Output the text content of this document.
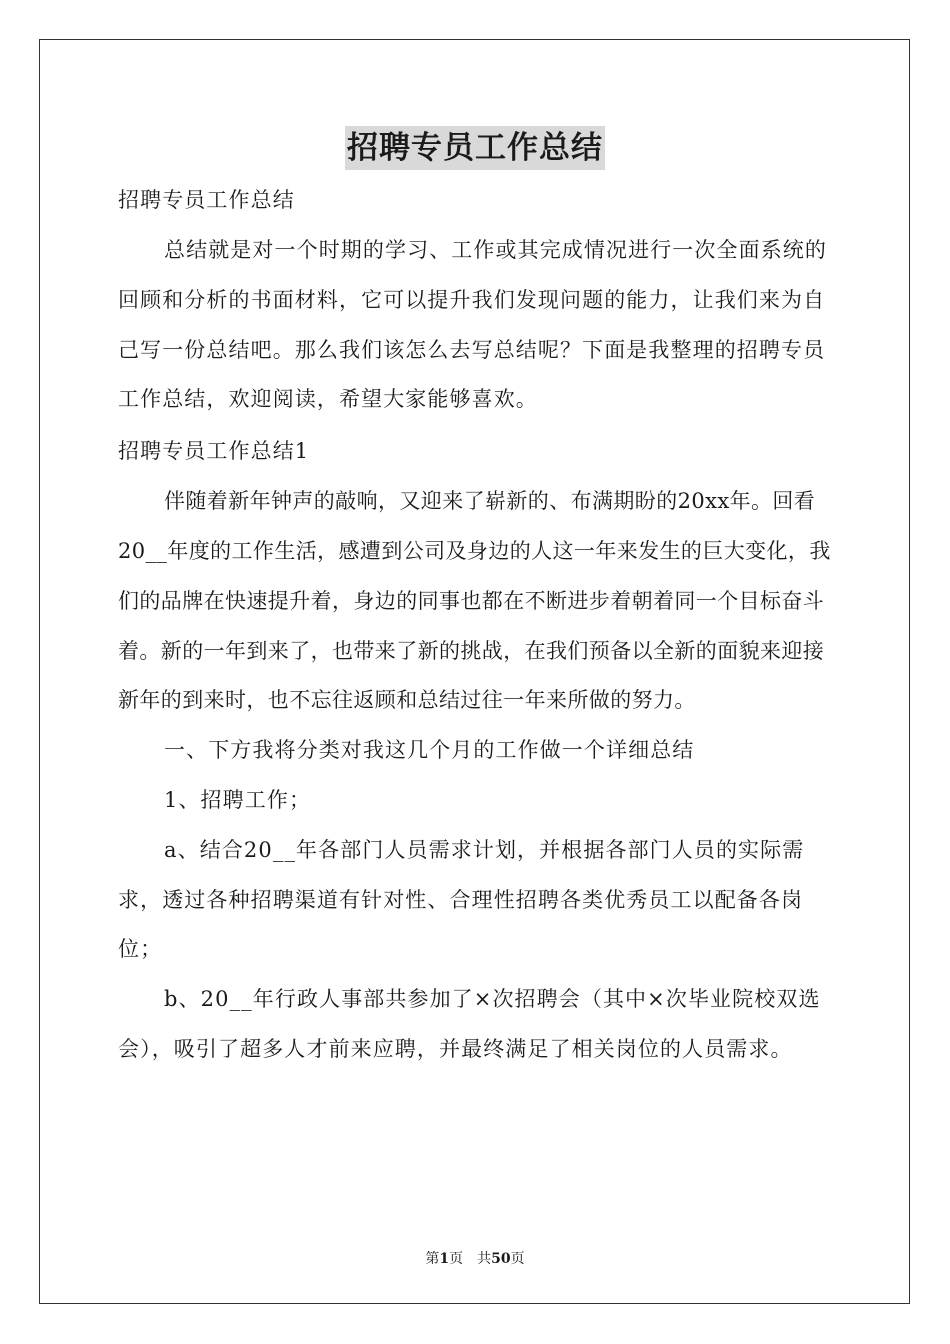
招聘专员工作总结

招聘专员工作总结

总结就是对一个时期的学习、工作或其完成情况进行一次全面系统的回顾和分析的书面材料，它可以提升我们发现问题的能力，让我们来为自己写一份总结吧。那么我们该怎么去写总结呢？下面是我整理的招聘专员工作总结，欢迎阅读，希望大家能够喜欢。

招聘专员工作总结1

伴随着新年钟声的敲响，又迎来了崭新的、布满期盼的20xx年。回看20__年度的工作生活，感遭到公司及身边的人这一年来发生的巨大变化，我们的品牌在快速提升着，身边的同事也都在不断进步着朝着同一个目标奋斗着。新的一年到来了，也带来了新的挑战，在我们预备以全新的面貌来迎接新年的到来时，也不忘往返顾和总结过往一年来所做的努力。

一、下方我将分类对我这几个月的工作做一个详细总结

1、招聘工作；

a、结合20__年各部门人员需求计划，并根据各部门人员的实际需求，透过各种招聘渠道有针对性、合理性招聘各类优秀员工以配备各岗位；

b、20__年行政人事部共参加了×次招聘会（其中×次毕业院校双选会），吸引了超多人才前来应聘，并最终满足了相关岗位的人员需求。

第1页　共50页
